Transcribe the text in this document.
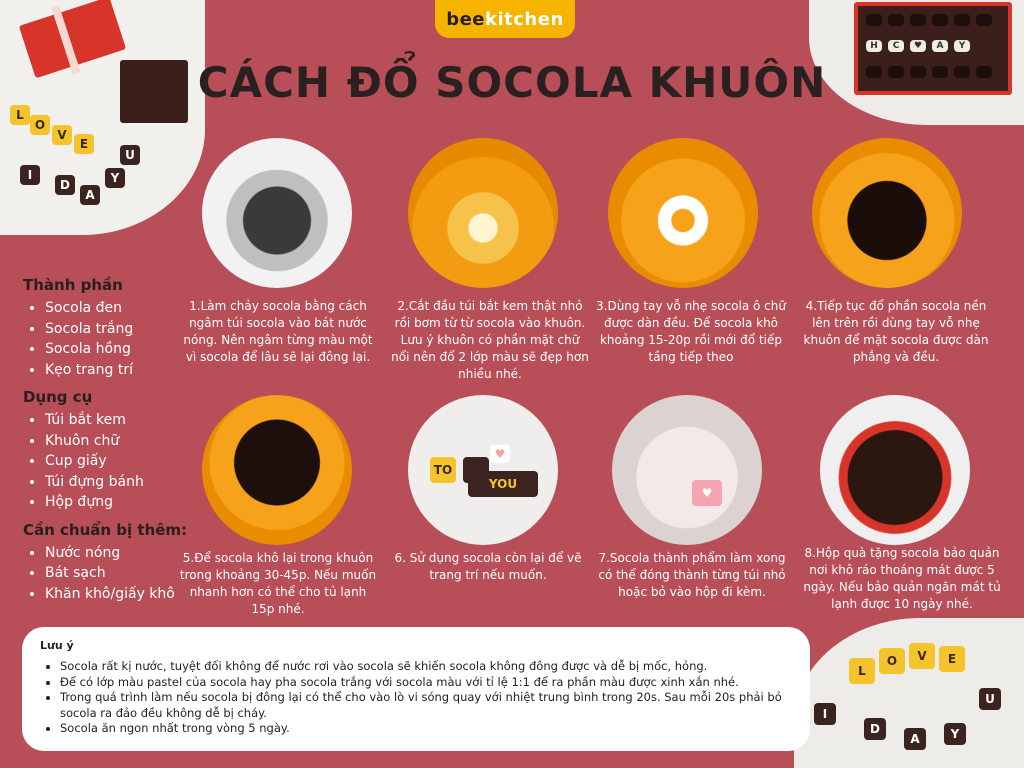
L
O
V
E
I
D
A
Y
U
H	C	♥	A	Y
L
O	V	E
I
D
A	Y
U
bee kitchen
CÁCH ĐỔ SOCOLA KHUÔN
Thành phần
• Socola đen
• Socola trắng
• Socola hồng
• Kẹo trang trí
Dụng cụ
• Túi bắt kem
• Khuôn chữ
• Cup giấy
• Túi đựng bánh
• Hộp đựng
Cần chuẩn bị thêm:
• Nước nóng
• Bát sạch
• Khăn khô/giấy khô
1.Làm chảy socola bằng cách ngâm túi socola vào bát nước nóng. Nên ngâm từng màu một vì socola để lâu sẽ lại đông lại.
2.Cắt đầu túi bắt kem thật nhỏ rồi bơm từ từ socola vào khuôn. Lưu ý khuôn có phần mặt chữ nổi nên đổ 2 lớp màu sẽ đẹp hơn nhiều nhé.
3.Dùng tay vỗ nhẹ socola ô chữ được dàn đều. Để socola khô khoảng 15-20p rồi mới đổ tiếp tầng tiếp theo
4.Tiếp tục đổ phần socola nền lên trên rồi dùng tay vỗ nhẹ khuôn để mặt socola được dàn phẳng và đều.
TO
♥
YOU
♥
5.Để socola khô lại trong khuôn trong khoảng 30-45p. Nếu muốn nhanh hơn có thể cho tủ lạnh 15p nhé.
6. Sử dụng socola còn lại để vẽ trang trí nếu muốn.
7.Socola thành phẩm làm xong có thể đóng thành từng túi nhỏ hoặc bỏ vào hộp đi kèm.
8.Hộp quà tặng socola bảo quản nơi khô ráo thoáng mát được 5 ngày. Nếu bảo quản ngăn mát tủ lạnh được 10 ngày nhé.
Lưu ý
• Socola rất kị nước, tuyệt đối không để nước rơi vào socola sẽ khiến socola không đông được và dễ bị mốc, hỏng.
• Để có lớp màu pastel của socola hay pha socola trắng với socola màu với tỉ lệ 1:1 để ra phần màu được xinh xắn nhé.
• Trong quá trình làm nếu socola bị đông lại có thể cho vào lò vi sóng quay với nhiệt trung bình trong 20s. Sau mỗi 20s phải bỏ socola ra đảo đều không dễ bị cháy.
• Socola ăn ngon nhất trong vòng 5 ngày.
